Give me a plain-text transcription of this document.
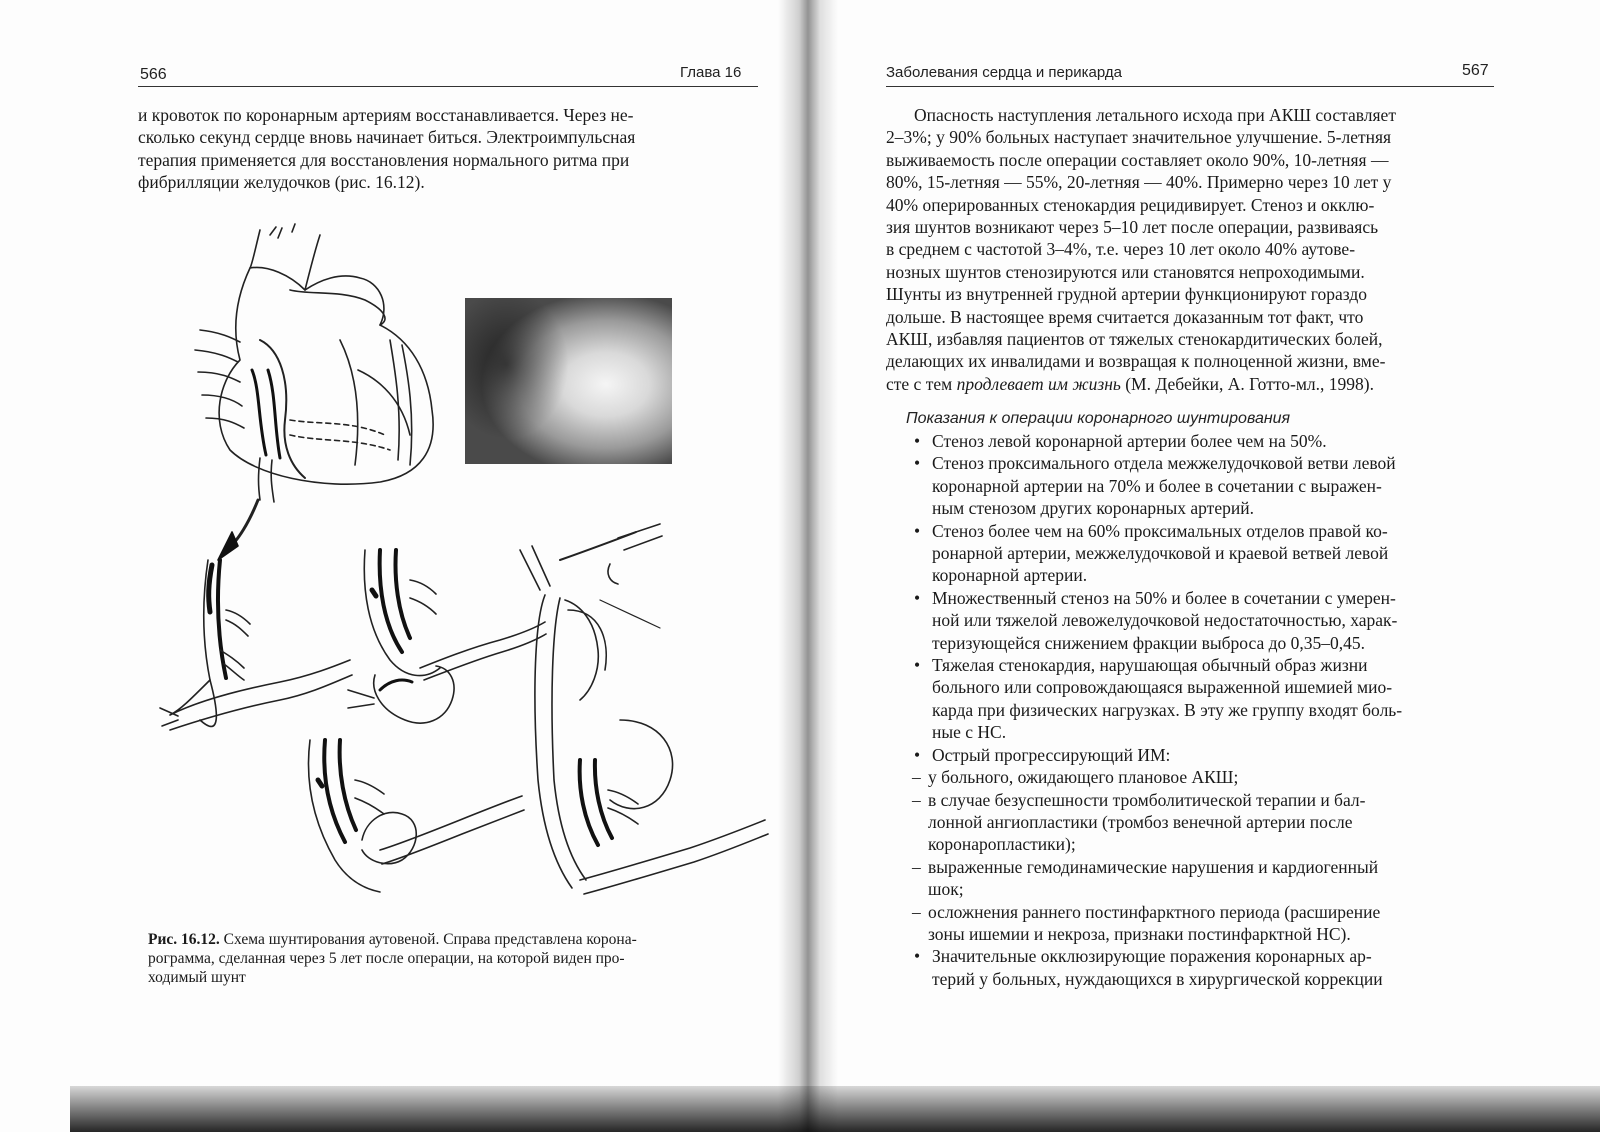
566	Глава 16
и кровоток по коронарным артериям восстанавливается. Через не-
сколько секунд сердце вновь начинает биться. Электроимпульсная
терапия применяется для восстановления нормального ритма при
фибрилляции желудочков (рис. 16.12).
Рис. 16.12. Схема шунтирования аутовеной. Справа представлена корона-
рограмма, сделанная через 5 лет после операции, на которой виден про-
ходимый шунт
Заболевания сердца и перикарда	567
Опасность наступления летального исхода при АКШ составляет
2–3%; у 90% больных наступает значительное улучшение. 5-летняя
выживаемость после операции составляет около 90%, 10-летняя —
80%, 15-летняя — 55%, 20-летняя — 40%. Примерно через 10 лет у
40% оперированных стенокардия рецидивирует. Стеноз и окклю-
зия шунтов возникают через 5–10 лет после операции, развиваясь
в среднем с частотой 3–4%, т.е. через 10 лет около 40% аутове-
нозных шунтов стенозируются или становятся непроходимыми.
Шунты из внутренней грудной артерии функционируют гораздо
дольше. В настоящее время считается доказанным тот факт, что
АКШ, избавляя пациентов от тяжелых стенокардитических болей,
делающих их инвалидами и возвращая к полноценной жизни, вме-
сте с тем продлевает им жизнь (М. Дебейки, А. Готто-мл., 1998).
Показания к операции коронарного шунтирования
• Стеноз левой коронарной артерии более чем на 50%.
• Стеноз проксимального отдела межжелудочковой ветви левой
коронарной артерии на 70% и более в сочетании с выражен-
ным стенозом других коронарных артерий.
• Стеноз более чем на 60% проксимальных отделов правой ко-
ронарной артерии, межжелудочковой и краевой ветвей левой
коронарной артерии.
• Множественный стеноз на 50% и более в сочетании с умерен-
ной или тяжелой левожелудочковой недостаточностью, харак-
теризующейся снижением фракции выброса до 0,35–0,45.
• Тяжелая стенокардия, нарушающая обычный образ жизни
больного или сопровождающаяся выраженной ишемией мио-
карда при физических нагрузках. В эту же группу входят боль-
ные с НС.
• Острый прогрессирующий ИМ:
– у больного, ожидающего плановое АКШ;
– в случае безуспешности тромболитической терапии и бал-
лонной ангиопластики (тромбоз венечной артерии после
коронаропластики);
– выраженные гемодинамические нарушения и кардиогенный
шок;
– осложнения раннего постинфарктного периода (расширение
зоны ишемии и некроза, признаки постинфарктной НС).
• Значительные окклюзирующие поражения коронарных ар-
терий у больных, нуждающихся в хирургической коррекции
